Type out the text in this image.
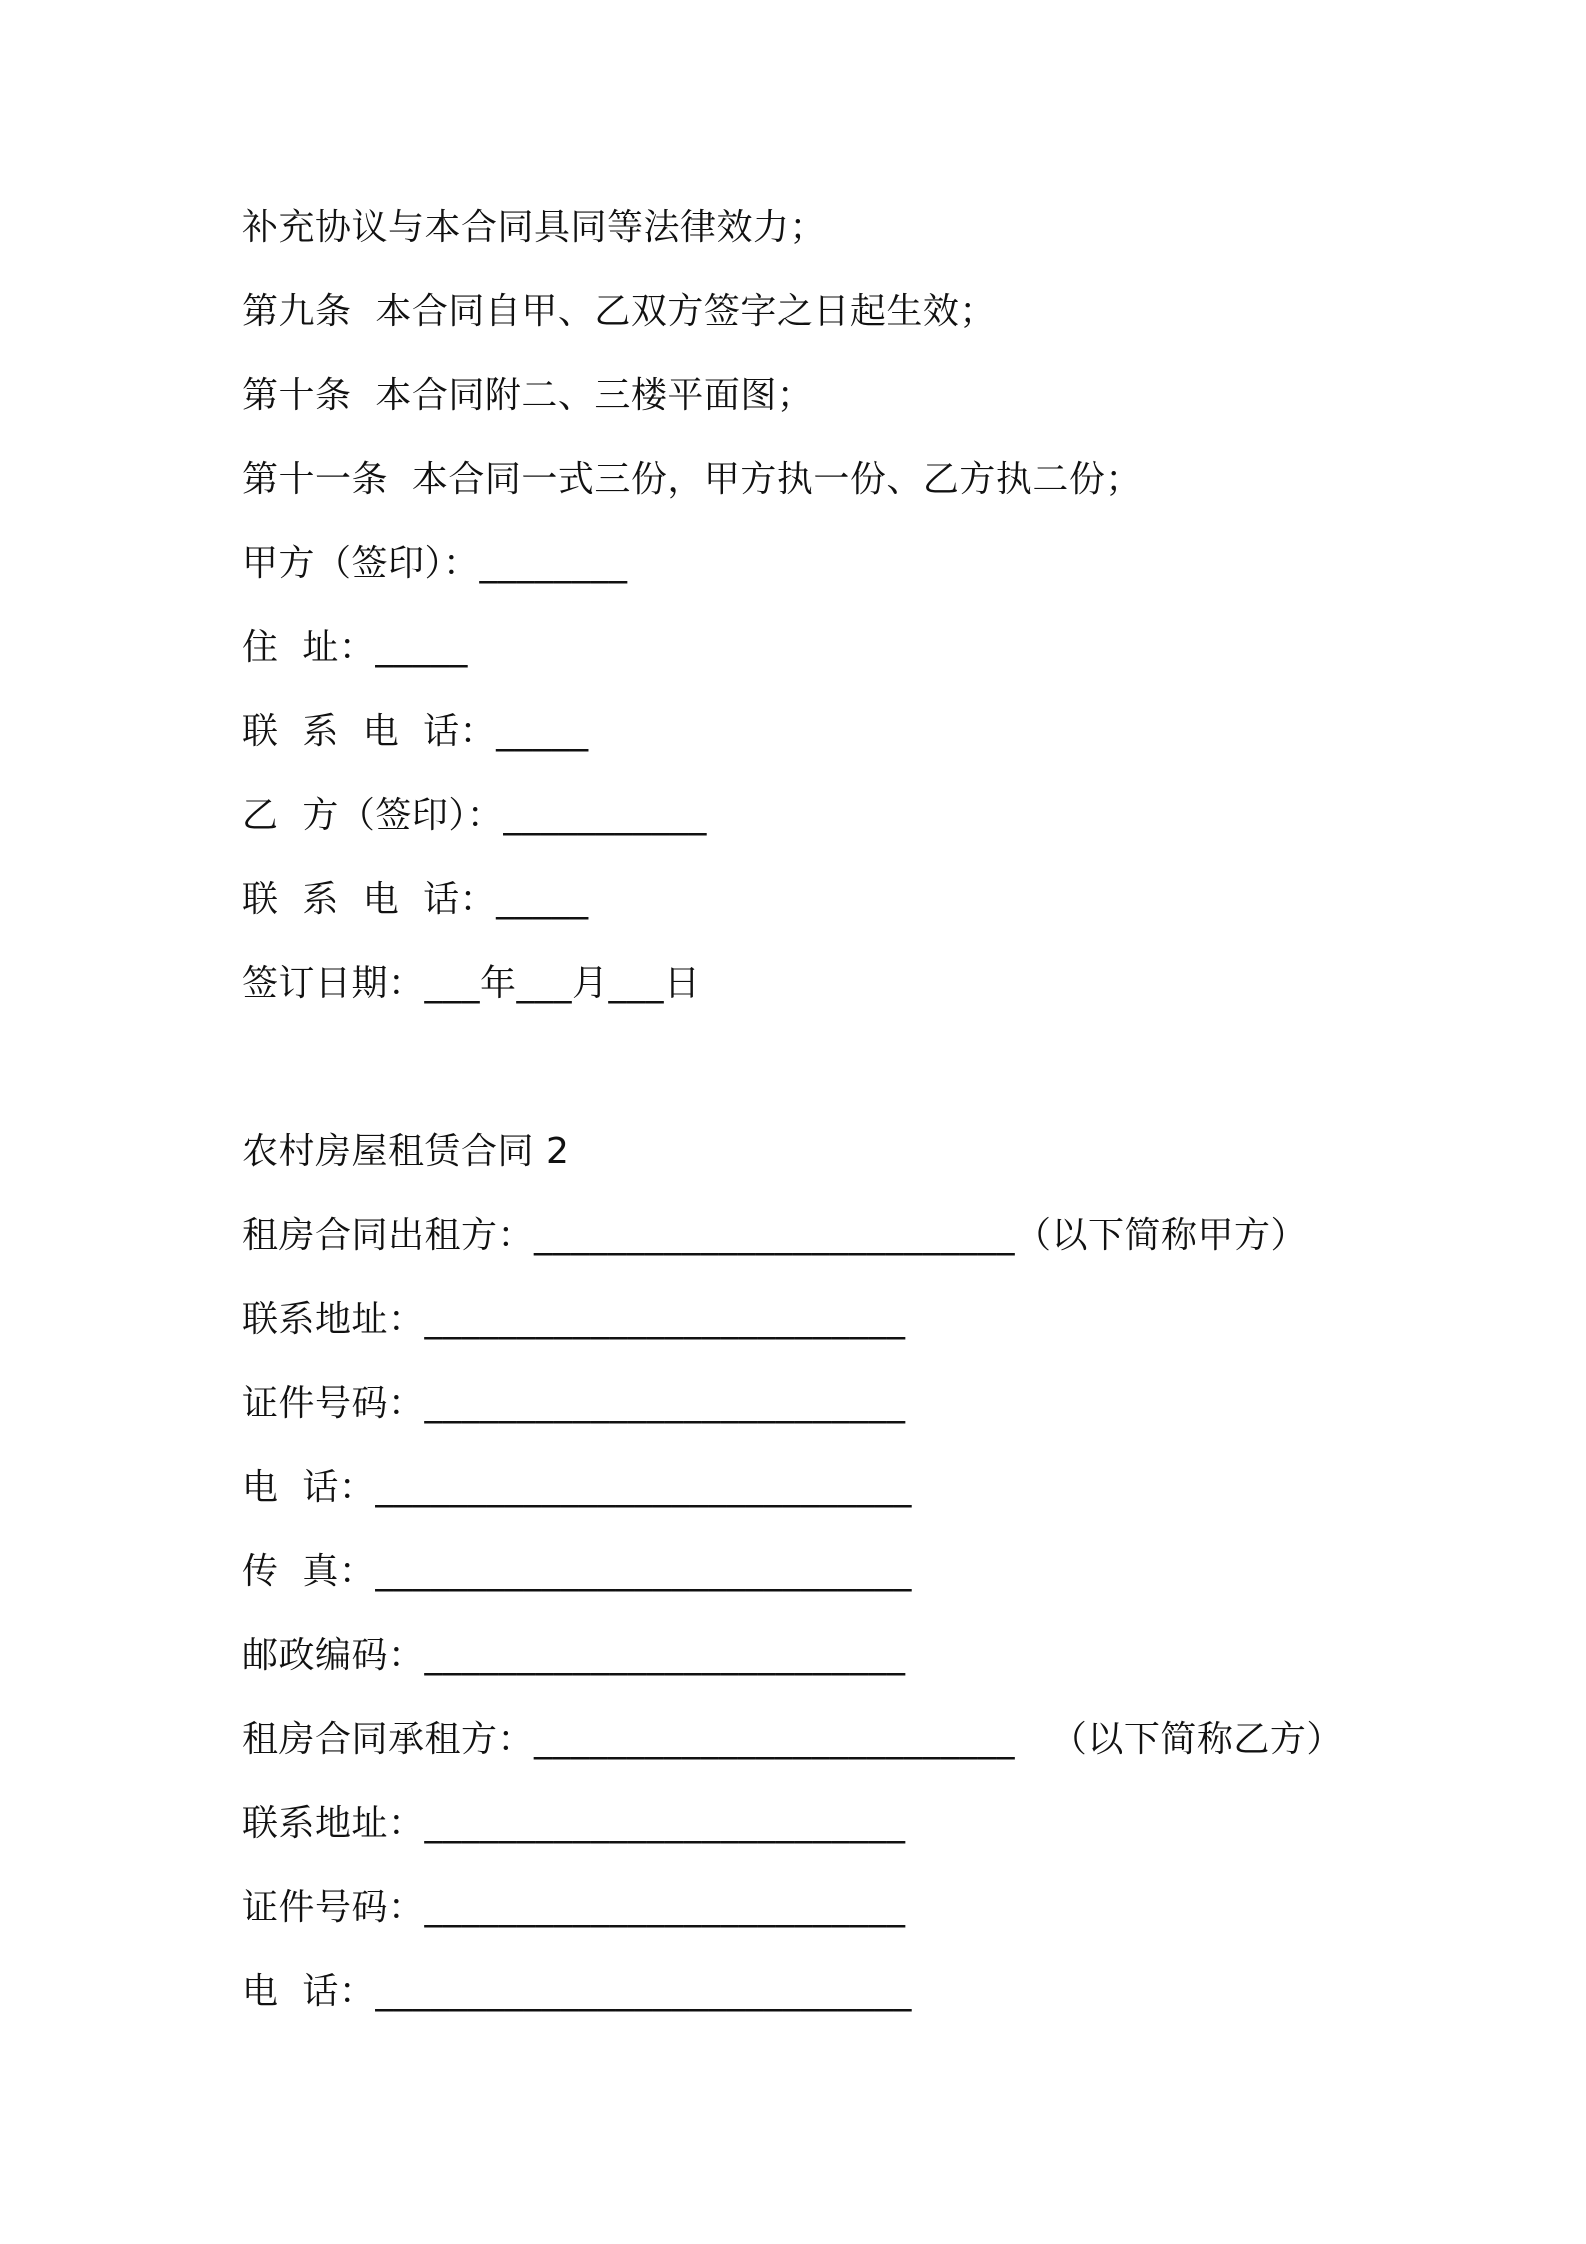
补充协议与本合同具同等法律效力；
第九条  本合同自甲、乙双方签字之日起生效；
第十条  本合同附二、三楼平面图；
第十一条  本合同一式三份，甲方执一份、乙方执二份；
甲方（签印）：________
住  址：_____
联  系  电  话：_____
乙  方（签印）：___________
联  系  电  话：_____
签订日期：___年___月___日
农村房屋租赁合同 2
租房合同出租方：__________________________（以下简称甲方）
联系地址：__________________________
证件号码：__________________________
电  话：_____________________________
传  真：_____________________________
邮政编码：__________________________
租房合同承租方：__________________________   （以下简称乙方）
联系地址：__________________________
证件号码：__________________________
电  话：_____________________________
